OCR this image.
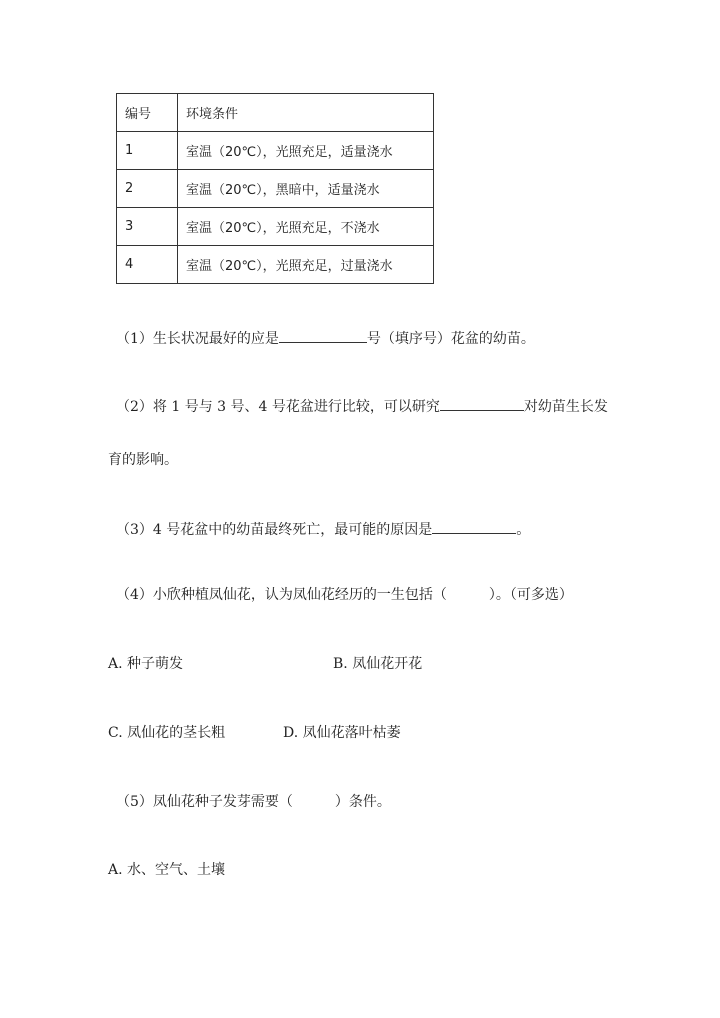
编号	环境条件
1	室温（20℃），光照充足，适量浇水
2	室温（20℃），黑暗中，适量浇水
3	室温（20℃），光照充足，不浇水
4	室温（20℃），光照充足，过量浇水
（1）生长状况最好的应是	号（填序号）花盆的幼苗。
（2）将 1 号与 3 号、4 号花盆进行比较，可以研究	对幼苗生长发
育的影响。
（3）4 号花盆中的幼苗最终死亡，最可能的原因是	。
（4）小欣种植凤仙花，认为凤仙花经历的一生包括（　　　）。（可多选）
A. 种子萌发	B. 凤仙花开花
C. 凤仙花的茎长粗	D. 凤仙花落叶枯萎
（5）凤仙花种子发芽需要（　　　）条件。
A. 水、空气、土壤
